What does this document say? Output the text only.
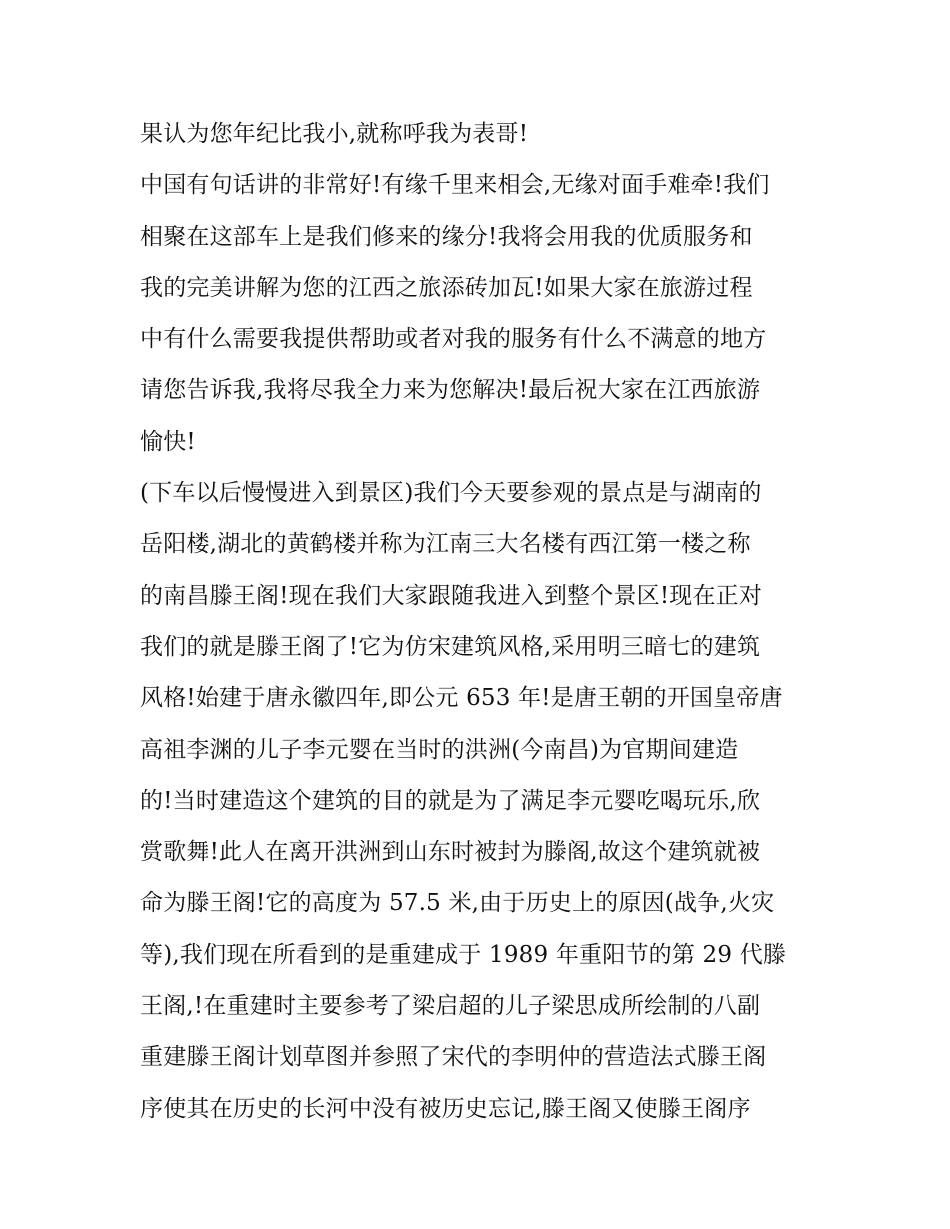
果认为您年纪比我小,就称呼我为表哥!
中国有句话讲的非常好!有缘千里来相会,无缘对面手难牵!我们
相聚在这部车上是我们修来的缘分!我将会用我的优质服务和
我的完美讲解为您的江西之旅添砖加瓦!如果大家在旅游过程
中有什么需要我提供帮助或者对我的服务有什么不满意的地方
请您告诉我,我将尽我全力来为您解决!最后祝大家在江西旅游
愉快!
(下车以后慢慢进入到景区)我们今天要参观的景点是与湖南的
岳阳楼,湖北的黄鹤楼并称为江南三大名楼有西江第一楼之称
的南昌滕王阁!现在我们大家跟随我进入到整个景区!现在正对
我们的就是滕王阁了!它为仿宋建筑风格,采用明三暗七的建筑
风格!始建于唐永徽四年,即公元 653 年!是唐王朝的开国皇帝唐
高祖李渊的儿子李元婴在当时的洪洲(今南昌)为官期间建造
的!当时建造这个建筑的目的就是为了满足李元婴吃喝玩乐,欣
赏歌舞!此人在离开洪洲到山东时被封为滕阁,故这个建筑就被
命为滕王阁!它的高度为 57.5 米,由于历史上的原因(战争,火灾
等),我们现在所看到的是重建成于 1989 年重阳节的第 29 代滕
王阁,!在重建时主要参考了梁启超的儿子梁思成所绘制的八副
重建滕王阁计划草图并参照了宋代的李明仲的营造法式滕王阁
序使其在历史的长河中没有被历史忘记,滕王阁又使滕王阁序
